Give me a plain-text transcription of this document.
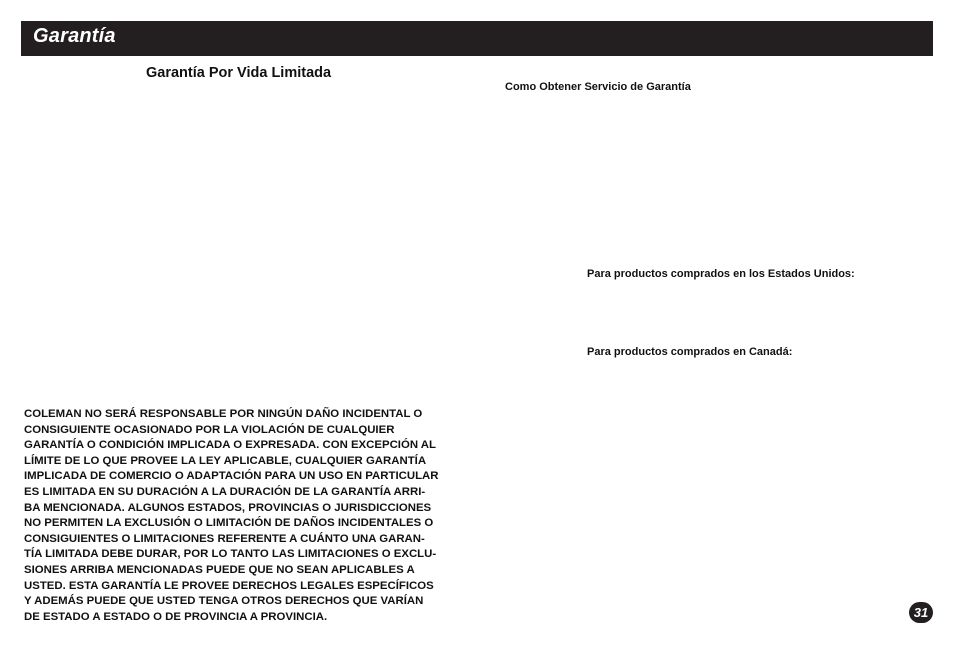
Garantía
Garantía Por Vida Limitada
Como Obtener Servicio de Garantía
Para productos comprados en los Estados Unidos:
Para productos comprados en Canadá:

COLEMAN NO SERÁ RESPONSABLE POR NINGÚN DAÑO INCIDENTAL O
CONSIGUIENTE OCASIONADO POR LA VIOLACIÓN DE CUALQUIER
GARANTÍA O CONDICIÓN IMPLICADA O EXPRESADA. CON EXCEPCIÓN AL
LÍMITE DE LO QUE PROVEE LA LEY APLICABLE, CUALQUIER GARANTÍA
IMPLICADA DE COMERCIO O ADAPTACIÓN PARA UN USO EN PARTICULAR
ES LIMITADA EN SU DURACIÓN A LA DURACIÓN DE LA GARANTÍA ARRI-
BA MENCIONADA. ALGUNOS ESTADOS, PROVINCIAS O JURISDICCIONES
NO PERMITEN LA EXCLUSIÓN O LIMITACIÓN DE DAÑOS INCIDENTALES O
CONSIGUIENTES O LIMITACIONES REFERENTE A CUÁNTO UNA GARAN-
TÍA LIMITADA DEBE DURAR, POR LO TANTO LAS LIMITACIONES O EXCLU-
SIONES ARRIBA MENCIONADAS PUEDE QUE NO SEAN APLICABLES A
USTED. ESTA GARANTÍA LE PROVEE DERECHOS LEGALES ESPECÍFICOS
Y ADEMÁS PUEDE QUE USTED TENGA OTROS DERECHOS QUE VARÍAN
DE ESTADO A ESTADO O DE PROVINCIA A PROVINCIA.	31
